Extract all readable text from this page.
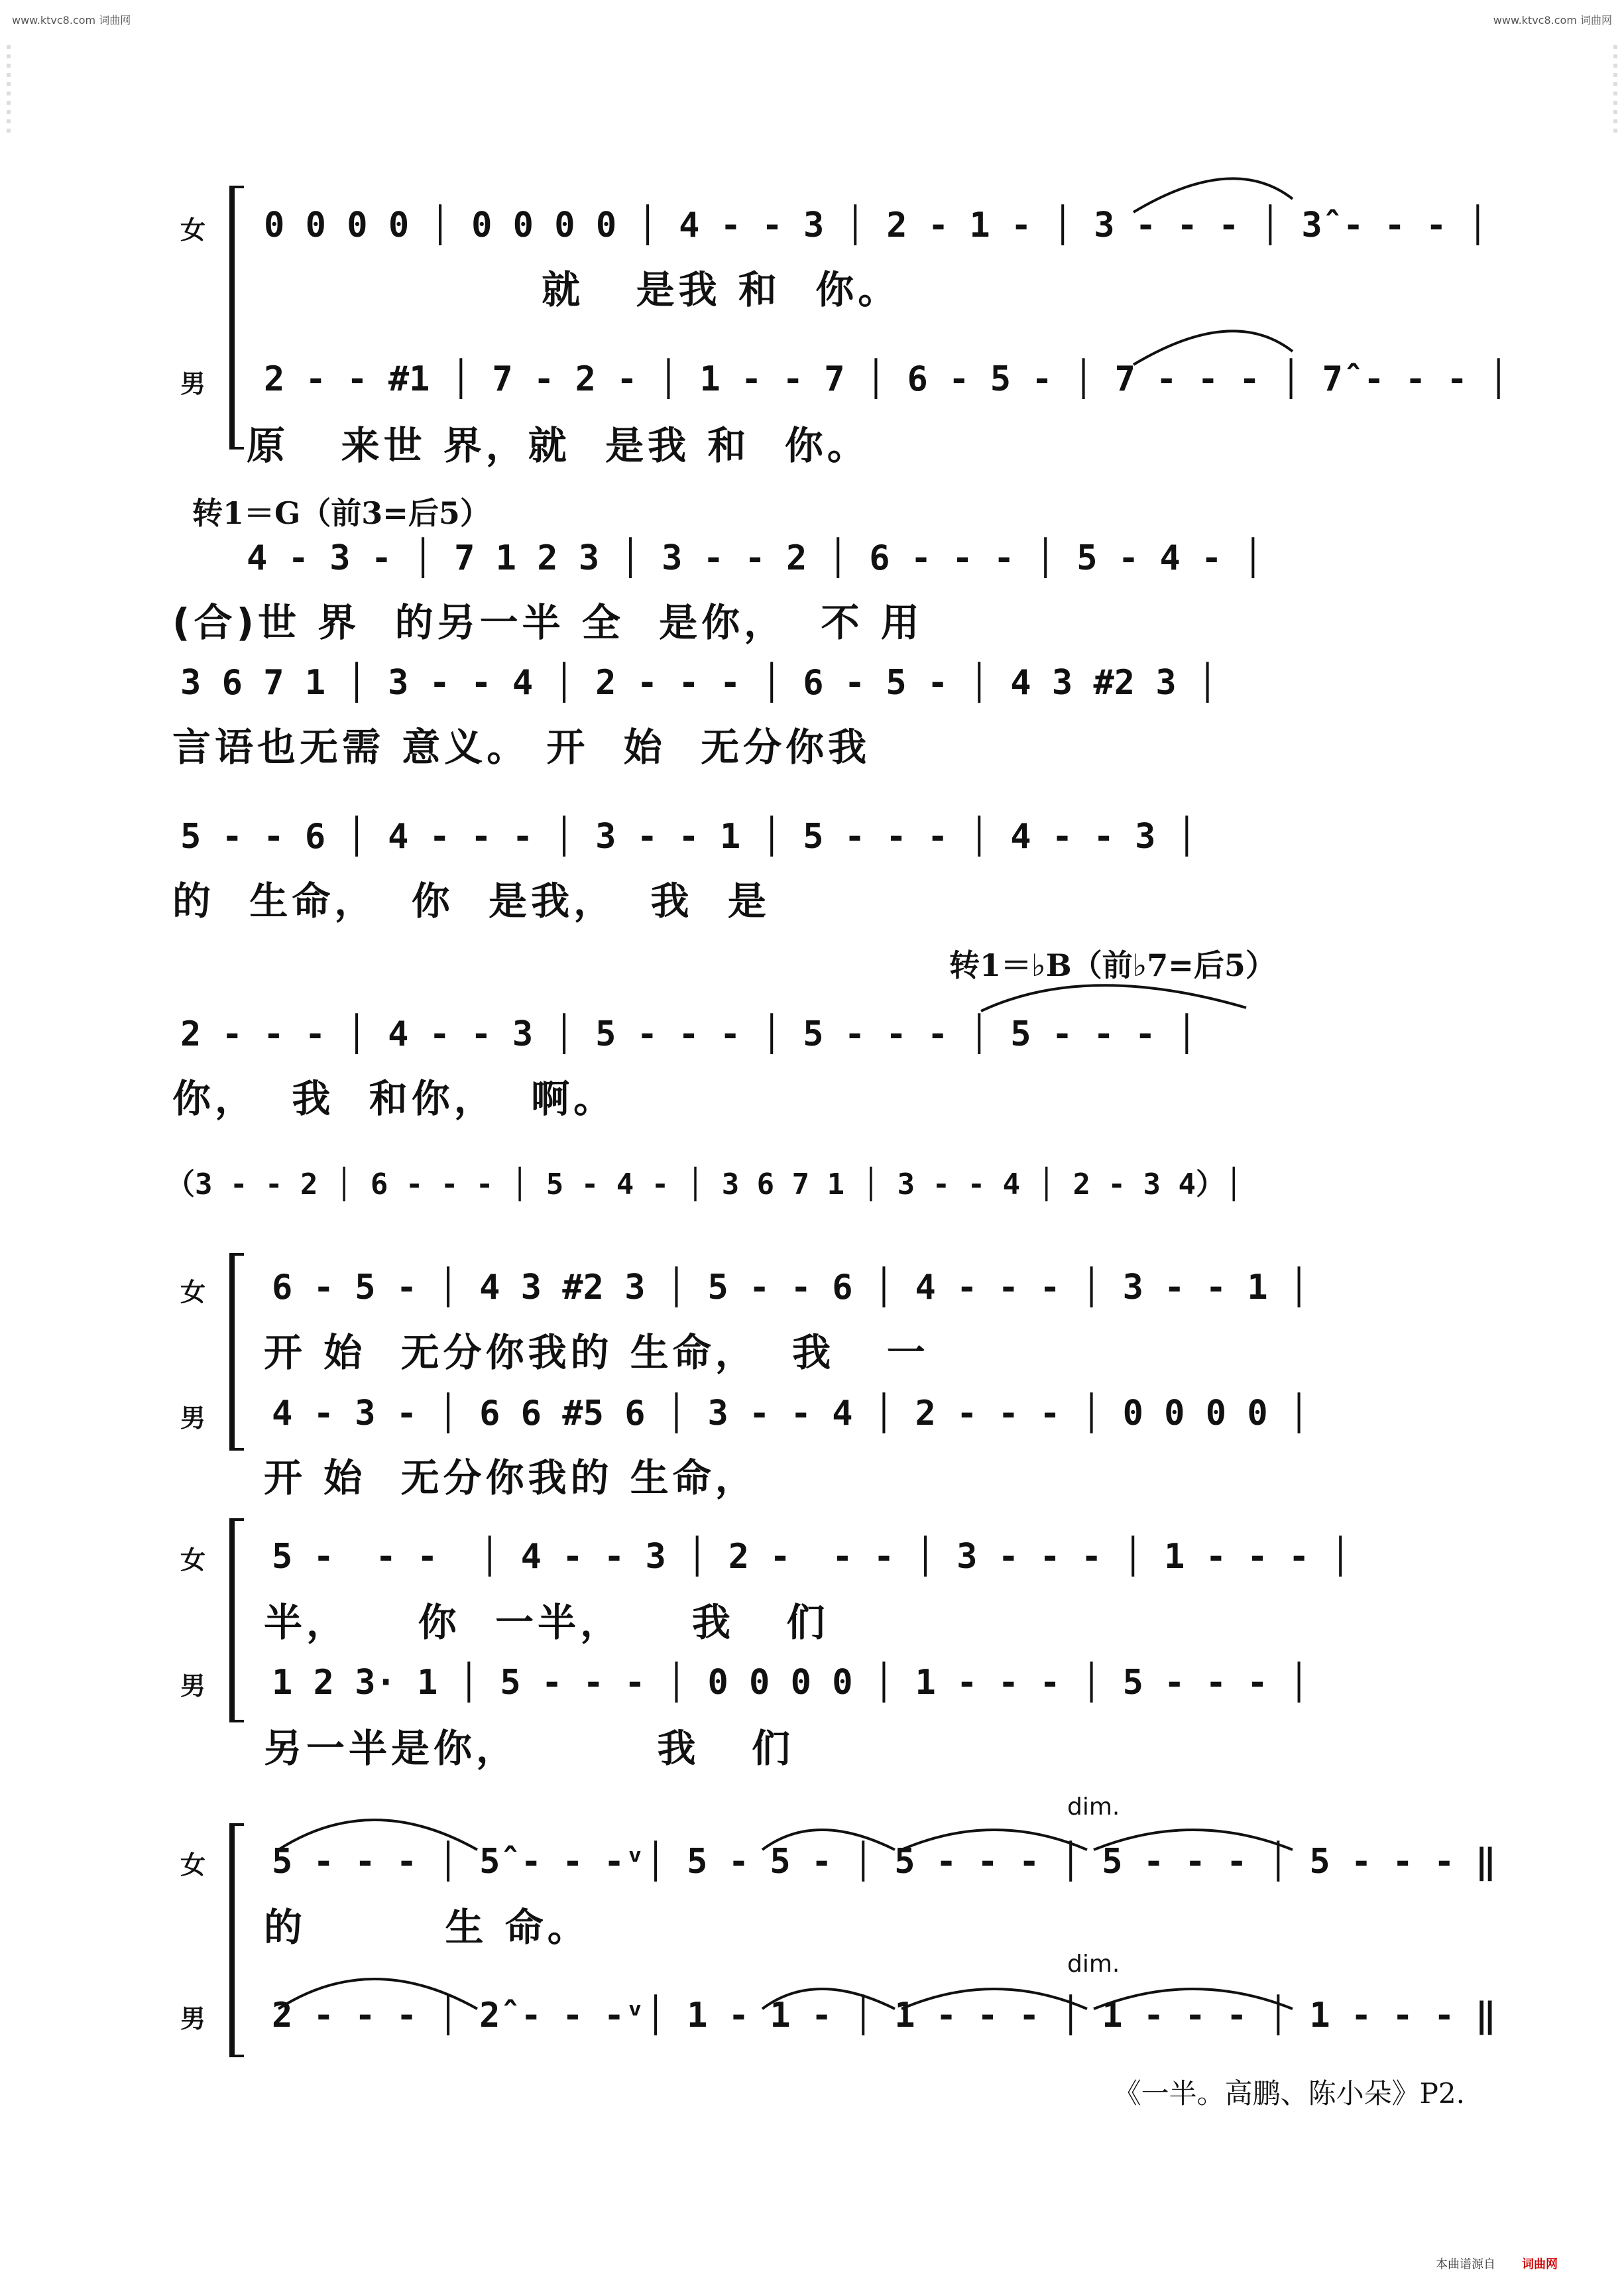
www.ktvc8.com 词曲网	www.ktvc8.com 词曲网
女
男
0 0 0 0 │ 0 0 0 0 │ 4 - - 3 │ 2 - 1 - │ 3 - - - │ 3̂ - - - │
就   是我 和  你。
2 - - #1 │ 7 - 2 - │ 1 - - 7 │ 6 - 5 - │ 7 - - - │ 7̂ - - - │
原   来世 界，就  是我 和  你。
转1＝G（前3=后5）
4 - 3 - │ 7 1 2 3 │ 3 - - 2 │ 6 - - - │ 5 - 4 - │
(合)世 界  的另一半 全  是你，  不 用
3 6 7 1 │ 3 - - 4 │ 2 - - - │ 6 - 5 - │ 4 3 #2 3 │
言语也无需 意义。 开  始  无分你我
5 - - 6 │ 4 - - - │ 3 - - 1 │ 5 - - - │ 4 - - 3 │
的  生命，  你  是我，  我  是
转1＝♭B（前♭7=后5）
2 - - - │ 4 - - 3 │ 5 - - - │ 5 - - - │ 5 - - - │
你，  我  和你，  啊。
（3 - - 2 │ 6 - - - │ 5 - 4 - │ 3 6 7 1 │ 3 - - 4 │ 2 - 3 4）│
女
男
6 - 5 - │ 4 3 #2 3 │ 5 - - 6 │ 4 - - - │ 3 - - 1 │
开 始  无分你我的 生命，  我   一
4 - 3 - │ 6 6 #5 6 │ 3 - - 4 │ 2 - - - │ 0 0 0 0 │
开 始  无分你我的 生命，
女
男
5 -  - -  │ 4 - - 3 │ 2 -  - - │ 3 - - - │ 1 - - - │
半，    你  一半，    我   们
1 2 3· 1 │ 5 - - - │ 0 0 0 0 │ 1 - - - │ 5 - - - │
另一半是你，        我   们
dim.
dim.
女
男
5 - - - │ 5̂ - - -ᵛ│ 5 - 5 - │ 5 - - - │ 5 - - - │ 5 - - - ‖
的        生 命。
2 - - - │ 2̂ - - -ᵛ│ 1 - 1 - │ 1 - - - │ 1 - - - │ 1 - - - ‖
《一半。高鹏、陈小朵》P2.
本曲谱源自 词曲网
